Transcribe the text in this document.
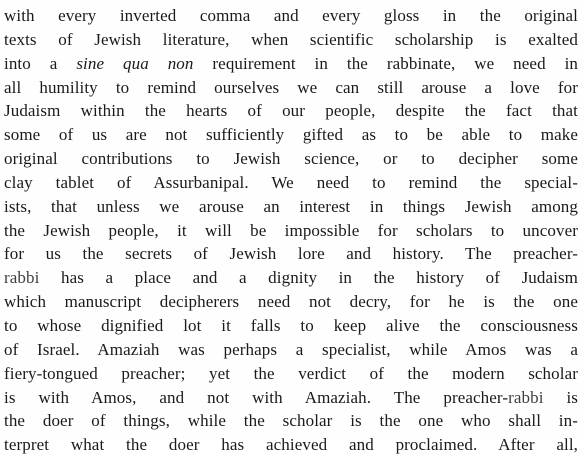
with every inverted comma and every gloss in the original
texts of Jewish literature, when scientific scholarship is exalted
into a sine qua non requirement in the rabbinate, we need in
all humility to remind ourselves we can still arouse a love for
Judaism within the hearts of our people, despite the fact that
some of us are not sufficiently gifted as to be able to make
original contributions to Jewish science, or to decipher some
clay tablet of Assurbanipal. We need to remind the special-
ists, that unless we arouse an interest in things Jewish among
the Jewish people, it will be impossible for scholars to uncover
for us the secrets of Jewish lore and history. The preacher-
rabbi has a place and a dignity in the history of Judaism
which manuscript decipherers need not decry, for he is the one
to whose dignified lot it falls to keep alive the consciousness
of Israel. Amaziah was perhaps a specialist, while Amos was a
fiery-tongued preacher; yet the verdict of the modern scholar
is with Amos, and not with Amaziah. The preacher-rabbi is
the doer of things, while the scholar is the one who shall in-
terpret what the doer has achieved and proclaimed. After all,
